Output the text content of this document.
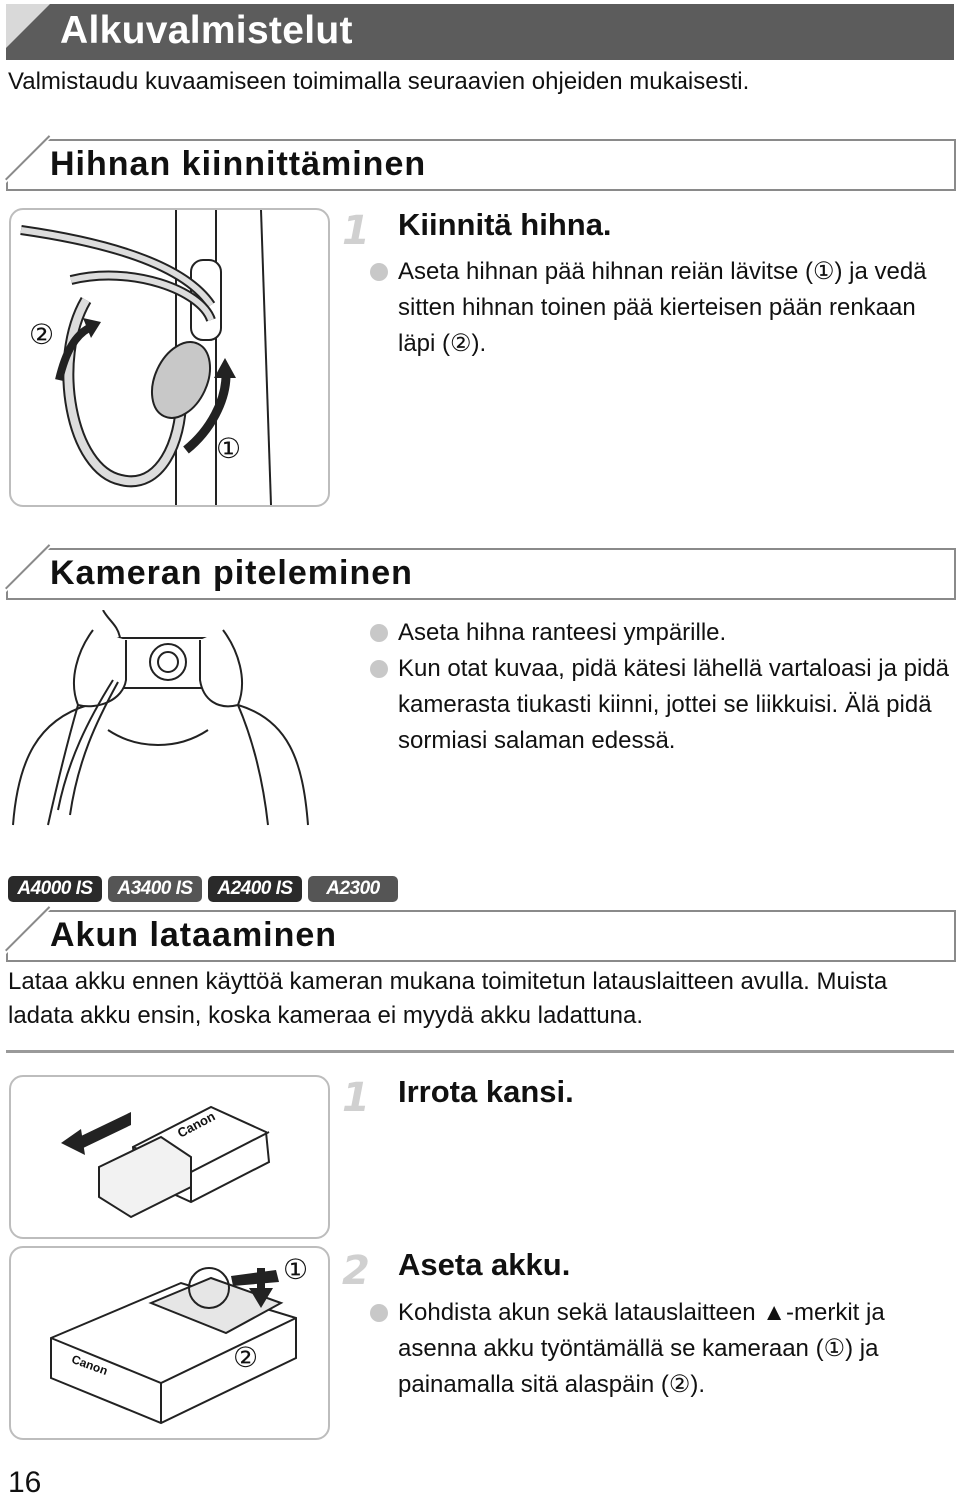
Alkuvalmistelut
Valmistaudu kuvaamiseen toimimalla seuraavien ohjeiden mukaisesti.
Hihnan kiinnittäminen
②
①
1 Kiinnitä hihna.
Aseta hihnan pää hihnan reiän lävitse (①) ja vedä sitten hihnan toinen pää kierteisen pään renkaan läpi (②).
Kameran piteleminen
Aseta hihna ranteesi ympärille.
Kun otat kuvaa, pidä kätesi lähellä vartaloasi ja pidä kamerasta tiukasti kiinni, jottei se liikkuisi. Älä pidä sormiasi salaman edessä.
A4000 IS	A3400 IS	A2400 IS	A2300
Akun lataaminen
Lataa akku ennen käyttöä kameran mukana toimitetun latauslaitteen avulla. Muista ladata akku ensin, koska kameraa ei myydä akku ladattuna.
Canon
1 Irrota kansi.
Canon
①
②
2 Aseta akku.
Kohdista akun sekä latauslaitteen ▲-merkit ja asenna akku työntämällä se kameraan (①) ja painamalla sitä alaspäin (②).
16
